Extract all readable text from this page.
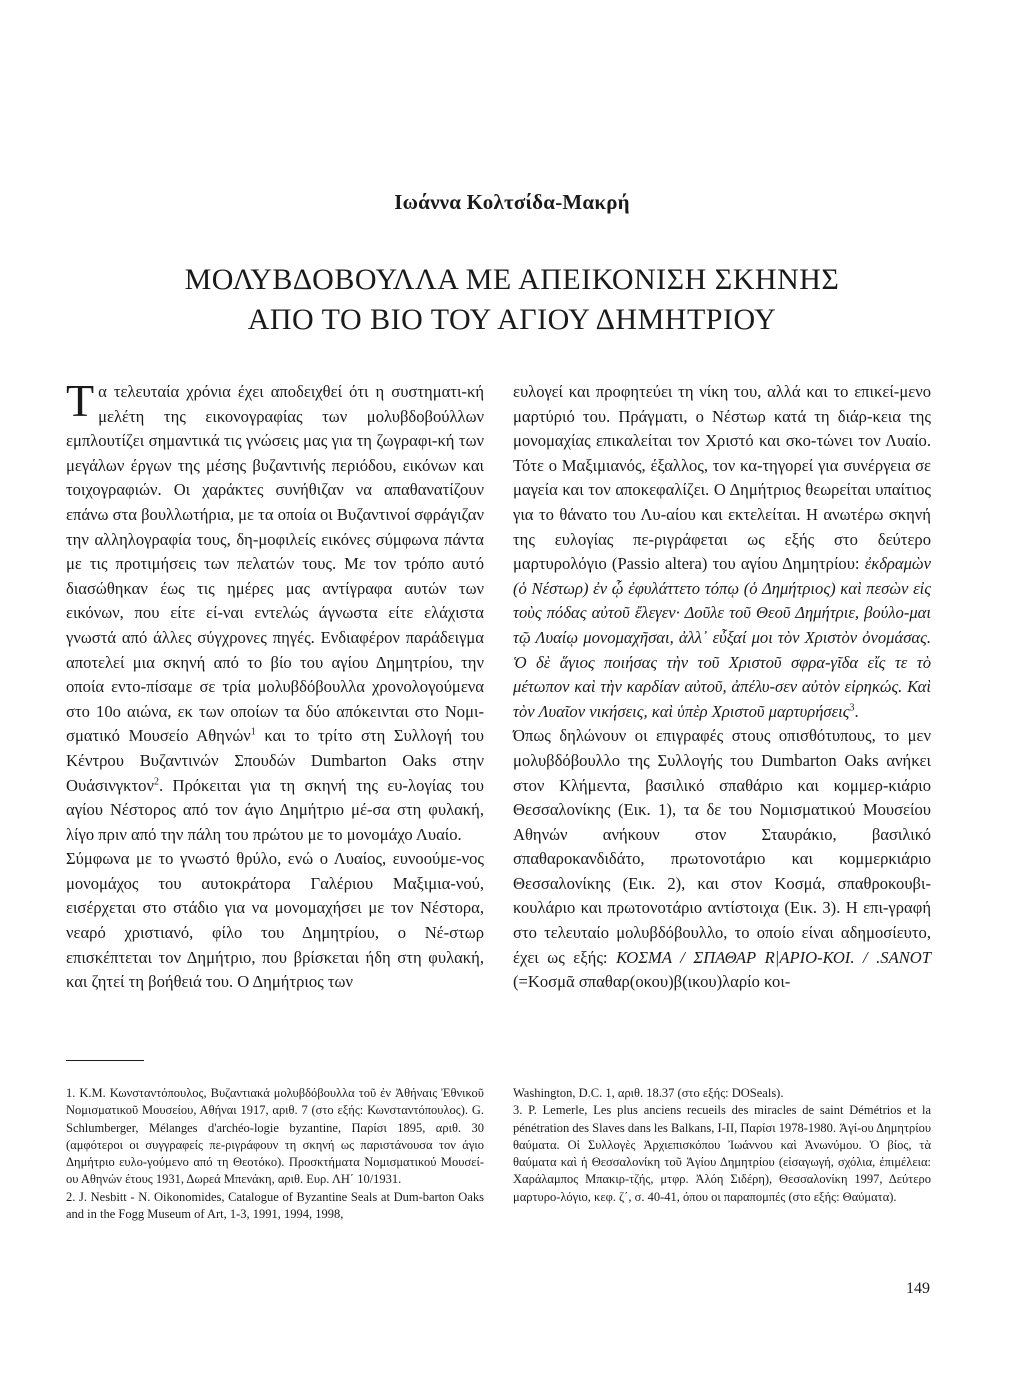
Ιωάννα Κολτσίδα-Μακρή
ΜΟΛΥΒΔΟΒΟΥΛΛΑ ΜΕ ΑΠΕΙΚΟΝΙΣΗ ΣΚΗΝΗΣ
ΑΠΟ ΤΟ ΒΙΟ ΤΟΥ ΑΓΙΟΥ ΔΗΜΗΤΡΙΟΥ

Τα τελευταία χρόνια έχει αποδειχθεί ότι η συστηματι-κή μελέτη της εικονογραφίας των μολυβδοβούλλων εμπλουτίζει σημαντικά τις γνώσεις μας για τη ζωγραφι-κή των μεγάλων έργων της μέσης βυζαντινής περιόδου, εικόνων και τοιχογραφιών. Οι χαράκτες συνήθιζαν να απαθανατίζουν επάνω στα βουλλωτήρια, με τα οποία οι Βυζαντινοί σφράγιζαν την αλληλογραφία τους, δη-μοφιλείς εικόνες σύμφωνα πάντα με τις προτιμήσεις των πελατών τους. Με τον τρόπο αυτό διασώθηκαν έως τις ημέρες μας αντίγραφα αυτών των εικόνων, που είτε εί-ναι εντελώς άγνωστα είτε ελάχιστα γνωστά από άλλες σύγχρονες πηγές. Ενδιαφέρον παράδειγμα αποτελεί μια σκηνή από το βίο του αγίου Δημητρίου, την οποία εντο-πίσαμε σε τρία μολυβδόβουλλα χρονολογούμενα στο 10ο αιώνα, εκ των οποίων τα δύο απόκεινται στο Νομι-σματικό Μουσείο Αθηνών$^1$ και το τρίτο στη Συλλογή του Κέντρου Βυζαντινών Σπουδών Dumbarton Oaks στην Ουάσινγκτον$^2$. Πρόκειται για τη σκηνή της ευ-λογίας του αγίου Νέστορος από τον άγιο Δημήτριο μέ-σα στη φυλακή, λίγο πριν από την πάλη του πρώτου με το μονομάχο Λυαίο.

Σύμφωνα με το γνωστό θρύλο, ενώ ο Λυαίος, ευνοούμε-νος μονομάχος του αυτοκράτορα Γαλέριου Μαξιμια-νού, εισέρχεται στο στάδιο για να μονομαχήσει με τον Νέστορα, νεαρό χριστιανό, φίλο του Δημητρίου, ο Νέ-στωρ επισκέπτεται τον Δημήτριο, που βρίσκεται ήδη στη φυλακή, και ζητεί τη βοήθειά του. Ο Δημήτριος των

ευλογεί και προφητεύει τη νίκη του, αλλά και το επικεί-μενο μαρτύριό του. Πράγματι, ο Νέστωρ κατά τη διάρ-κεια της μονομαχίας επικαλείται τον Χριστό και σκο-τώνει τον Λυαίο. Τότε ο Μαξιμιανός, έξαλλος, τον κα-τηγορεί για συνέργεια σε μαγεία και τον αποκεφαλίζει. Ο Δημήτριος θεωρείται υπαίτιος για το θάνατο του Λυ-αίου και εκτελείται. Η ανωτέρω σκηνή της ευλογίας πε-ριγράφεται ως εξής στο δεύτερο μαρτυρολόγιο (Passio altera) του αγίου Δημητρίου: ἐκδραμὼν (ὁ Νέστωρ) ἐν ᾧ ἐφυλάττετο τόπῳ (ὁ Δημήτριος) καὶ πεσὼν εἰς τοὺς πόδας αὐτοῦ ἔλεγεν· Δοῦλε τοῦ Θεοῦ Δημήτριε, βούλο-μαι τῷ Λυαίῳ μονομαχῆσαι, ἀλλ᾿ εὖξαί μοι τὸν Χριστὸν ὀνομάσας. Ὁ δὲ ἅγιος ποιήσας τὴν τοῦ Χριστοῦ σφρα-γῖδα εἴς τε τὸ μέτωπον καὶ τὴν καρδίαν αὐτοῦ, ἀπέλυ-σεν αὐτὸν εἰρηκώς. Καὶ τὸν Λυαῖον νικήσεις, καὶ ὑπὲρ Χριστοῦ μαρτυρήσεις$^3$.

Όπως δηλώνουν οι επιγραφές στους οπισθότυπους, το μεν μολυβδόβουλλο της Συλλογής του Dumbarton Oaks ανήκει στον Κλήμεντα, βασιλικό σπαθάριο και κομμερ-κιάριο Θεσσαλονίκης (Εικ. 1), τα δε του Νομισματικού Μουσείου Αθηνών ανήκουν στον Σταυράκιο, βασιλικό σπαθαροκανδιδάτο, πρωτονοτάριο και κομμερκιάριο Θεσσαλονίκης (Εικ. 2), και στον Κοσμά, σπαθροκουβι-κουλάριο και πρωτονοτάριο αντίστοιχα (Εικ. 3). Η επι-γραφή στο τελευταίο μολυβδόβουλλο, το οποίο είναι αδημοσίευτο, έχει ως εξής: ΚΟΣΜΑ / ΣΠΑΘΑΡ R|ΑΡΙΟ-ΚΟΙ. / .SANOT (=Κοσμᾶ σπαθαρ(οκου)β(ικου)λαρίο κοι-

1. Κ.Μ. Κωνσταντόπουλος, Βυζαντιακά μολυβδόβουλλα τοῦ ἐν Ἀθήναις Ἐθνικοῦ Νομισματικοῦ Μουσείου, Αθήναι 1917, αριθ. 7 (στο εξής: Κωνσταντόπουλος). G. Schlumberger, Mélanges d'archéo-logie byzantine, Παρίσι 1895, αριθ. 30 (αμφότεροι οι συγγραφείς πε-ριγράφουν τη σκηνή ως παριστάνουσα τον άγιο Δημήτριο ευλο-γούμενο από τη Θεοτόκο). Προσκτήματα Νομισματικού Μουσεί-ου Αθηνών έτους 1931, Δωρεά Μπενάκη, αριθ. Ευρ. ΛΗ΄ 10/1931.

2. J. Nesbitt - N. Oikonomides, Catalogue of Byzantine Seals at Dum-barton Oaks and in the Fogg Museum of Art, 1-3, 1991, 1994, 1998,

Washington, D.C. 1, αριθ. 18.37 (στο εξής: DOSeals).

3. P. Lemerle, Les plus anciens recueils des miracles de saint Démétrios et la pénétration des Slaves dans les Balkans, I-II, Παρίσι 1978-1980. Ἁγί-ου Δημητρίου θαύματα. Οἱ Συλλογὲς Ἀρχιεπισκόπου Ἰωάννου καὶ Ἀνωνύμου. Ὁ βίος, τὰ θαύματα καὶ ἡ Θεσσαλονίκη τοῦ Ἁγίου Δημητρίου (εἰσαγωγή, σχόλια, ἐπιμέλεια: Χαράλαμπος Μπακιρ-τζής, μτφρ. Ἀλόη Σιδέρη), Θεσσαλονίκη 1997, Δεύτερο μαρτυρο-λόγιο, κεφ. ζ΄, σ. 40-41, όπου οι παραπομπές (στο εξής: Θαύματα).

149
